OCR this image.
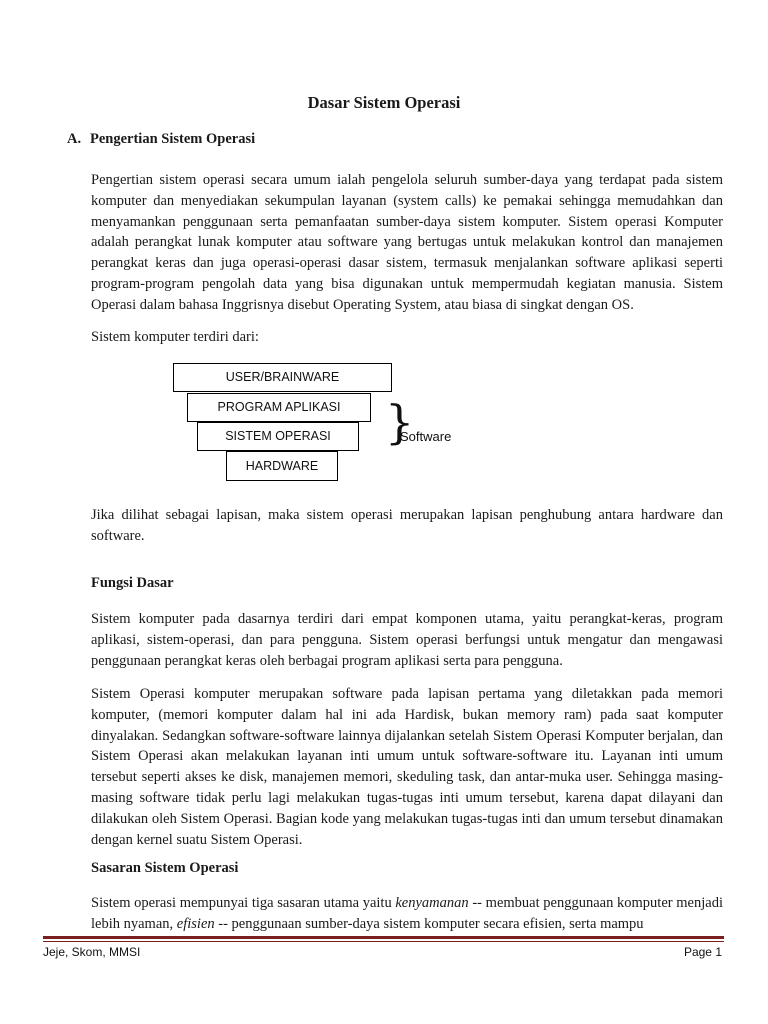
Dasar Sistem Operasi
A. Pengertian Sistem Operasi

Pengertian sistem operasi secara umum ialah pengelola seluruh sumber-daya yang terdapat pada sistem komputer dan menyediakan sekumpulan layanan (system calls) ke pemakai sehingga memudahkan dan menyamankan penggunaan serta pemanfaatan sumber-daya sistem komputer. Sistem operasi Komputer adalah perangkat lunak komputer atau software yang bertugas untuk melakukan kontrol dan manajemen perangkat keras dan juga operasi-operasi dasar sistem, termasuk menjalankan software aplikasi seperti program-program pengolah data yang bisa digunakan untuk mempermudah kegiatan manusia. Sistem Operasi dalam bahasa Inggrisnya disebut Operating System, atau biasa di singkat dengan OS.

Sistem komputer terdiri dari:

USER/BRAINWARE
PROGRAM APLIKASI
SISTEM OPERASI
HARDWARE
}
Software

Jika dilihat sebagai lapisan, maka sistem operasi merupakan lapisan penghubung antara hardware dan software.

Fungsi Dasar

Sistem komputer pada dasarnya terdiri dari empat komponen utama, yaitu perangkat-keras, program aplikasi, sistem-operasi, dan para pengguna. Sistem operasi berfungsi untuk mengatur dan mengawasi penggunaan perangkat keras oleh berbagai program aplikasi serta para pengguna.

Sistem Operasi komputer merupakan software pada lapisan pertama yang diletakkan pada memori komputer, (memori komputer dalam hal ini ada Hardisk, bukan memory ram) pada saat komputer dinyalakan. Sedangkan software-software lainnya dijalankan setelah Sistem Operasi Komputer berjalan, dan Sistem Operasi akan melakukan layanan inti umum untuk software-software itu. Layanan inti umum tersebut seperti akses ke disk, manajemen memori, skeduling task, dan antar-muka user. Sehingga masing-masing software tidak perlu lagi melakukan tugas-tugas inti umum tersebut, karena dapat dilayani dan dilakukan oleh Sistem Operasi. Bagian kode yang melakukan tugas-tugas inti dan umum tersebut dinamakan dengan kernel suatu Sistem Operasi.

Sasaran Sistem Operasi

Sistem operasi mempunyai tiga sasaran utama yaitu kenyamanan -- membuat penggunaan komputer menjadi lebih nyaman, efisien -- penggunaan sumber-daya sistem komputer secara efisien, serta mampu

Jeje, Skom, MMSI	Page 1
